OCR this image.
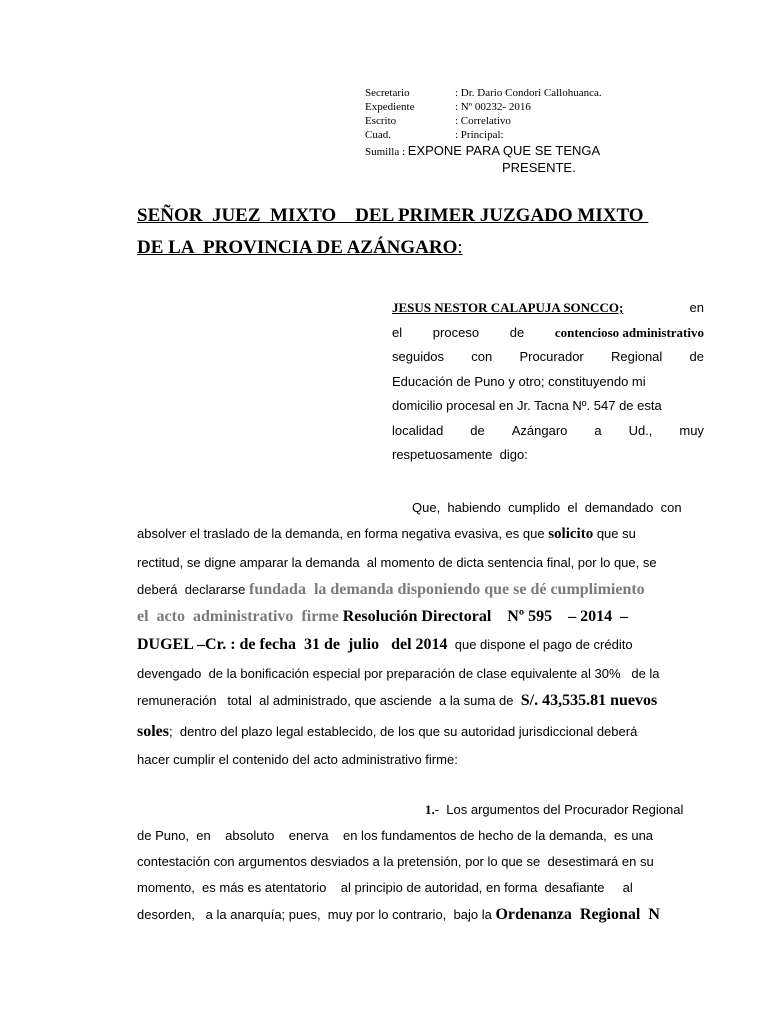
Secretario	: Dr. Dario Condori Callohuanca.
Expediente	: Nº 00232- 2016
Escrito	: Correlativo
Cuad.	: Principal:
Sumilla : EXPONE PARA QUE SE TENGA
PRESENTE.
SEÑOR  JUEZ  MIXTO    DEL PRIMER JUZGADO MIXTO
DE LA  PROVINCIA DE AZÁNGARO:
JESUS NESTOR CALAPUJA SONCCO;	en
el proceso de contencioso administrativo
seguidos con Procurador Regional de
Educación de Puno y otro; constituyendo mi
domicilio procesal en Jr. Tacna Nº. 547 de esta
localidad de Azángaro a Ud., muy
respetuosamente  digo:
Que,  habiendo  cumplido  el  demandado  con
absolver el traslado de la demanda, en forma negativa evasiva, es que solicito que su
rectitud, se digne amparar la demanda  al momento de dicta sentencia final, por lo que, se
deberá  declararse fundada  la demanda disponiendo que se dé cumplimiento
el  acto  administrativo  firme Resolución Directoral    Nº 595    – 2014  –
DUGEL –Cr. : de fecha  31 de  julio   del 2014 que dispone el pago de crédito
devengado  de la bonificación especial por preparación de clase equivalente al 30%   de la
remuneración   total  al administrado, que asciende  a la suma de S/. 43,535.81 nuevos
soles ;  dentro del plazo legal establecido, de los que su autoridad jurisdiccional deberá
hacer cumplir el contenido del acto administrativo firme:
1. -  Los argumentos del Procurador Regional
de Puno,  en    absoluto    enerva    en los fundamentos de hecho de la demanda,  es una
contestación con argumentos desviados a la pretensión, por lo que se  desestimará en su
momento,  es más es atentatorio    al principio de autoridad, en forma  desafiante     al
desorden,   a la anarquía; pues,  muy por lo contrario,  bajo la Ordenanza  Regional  N
